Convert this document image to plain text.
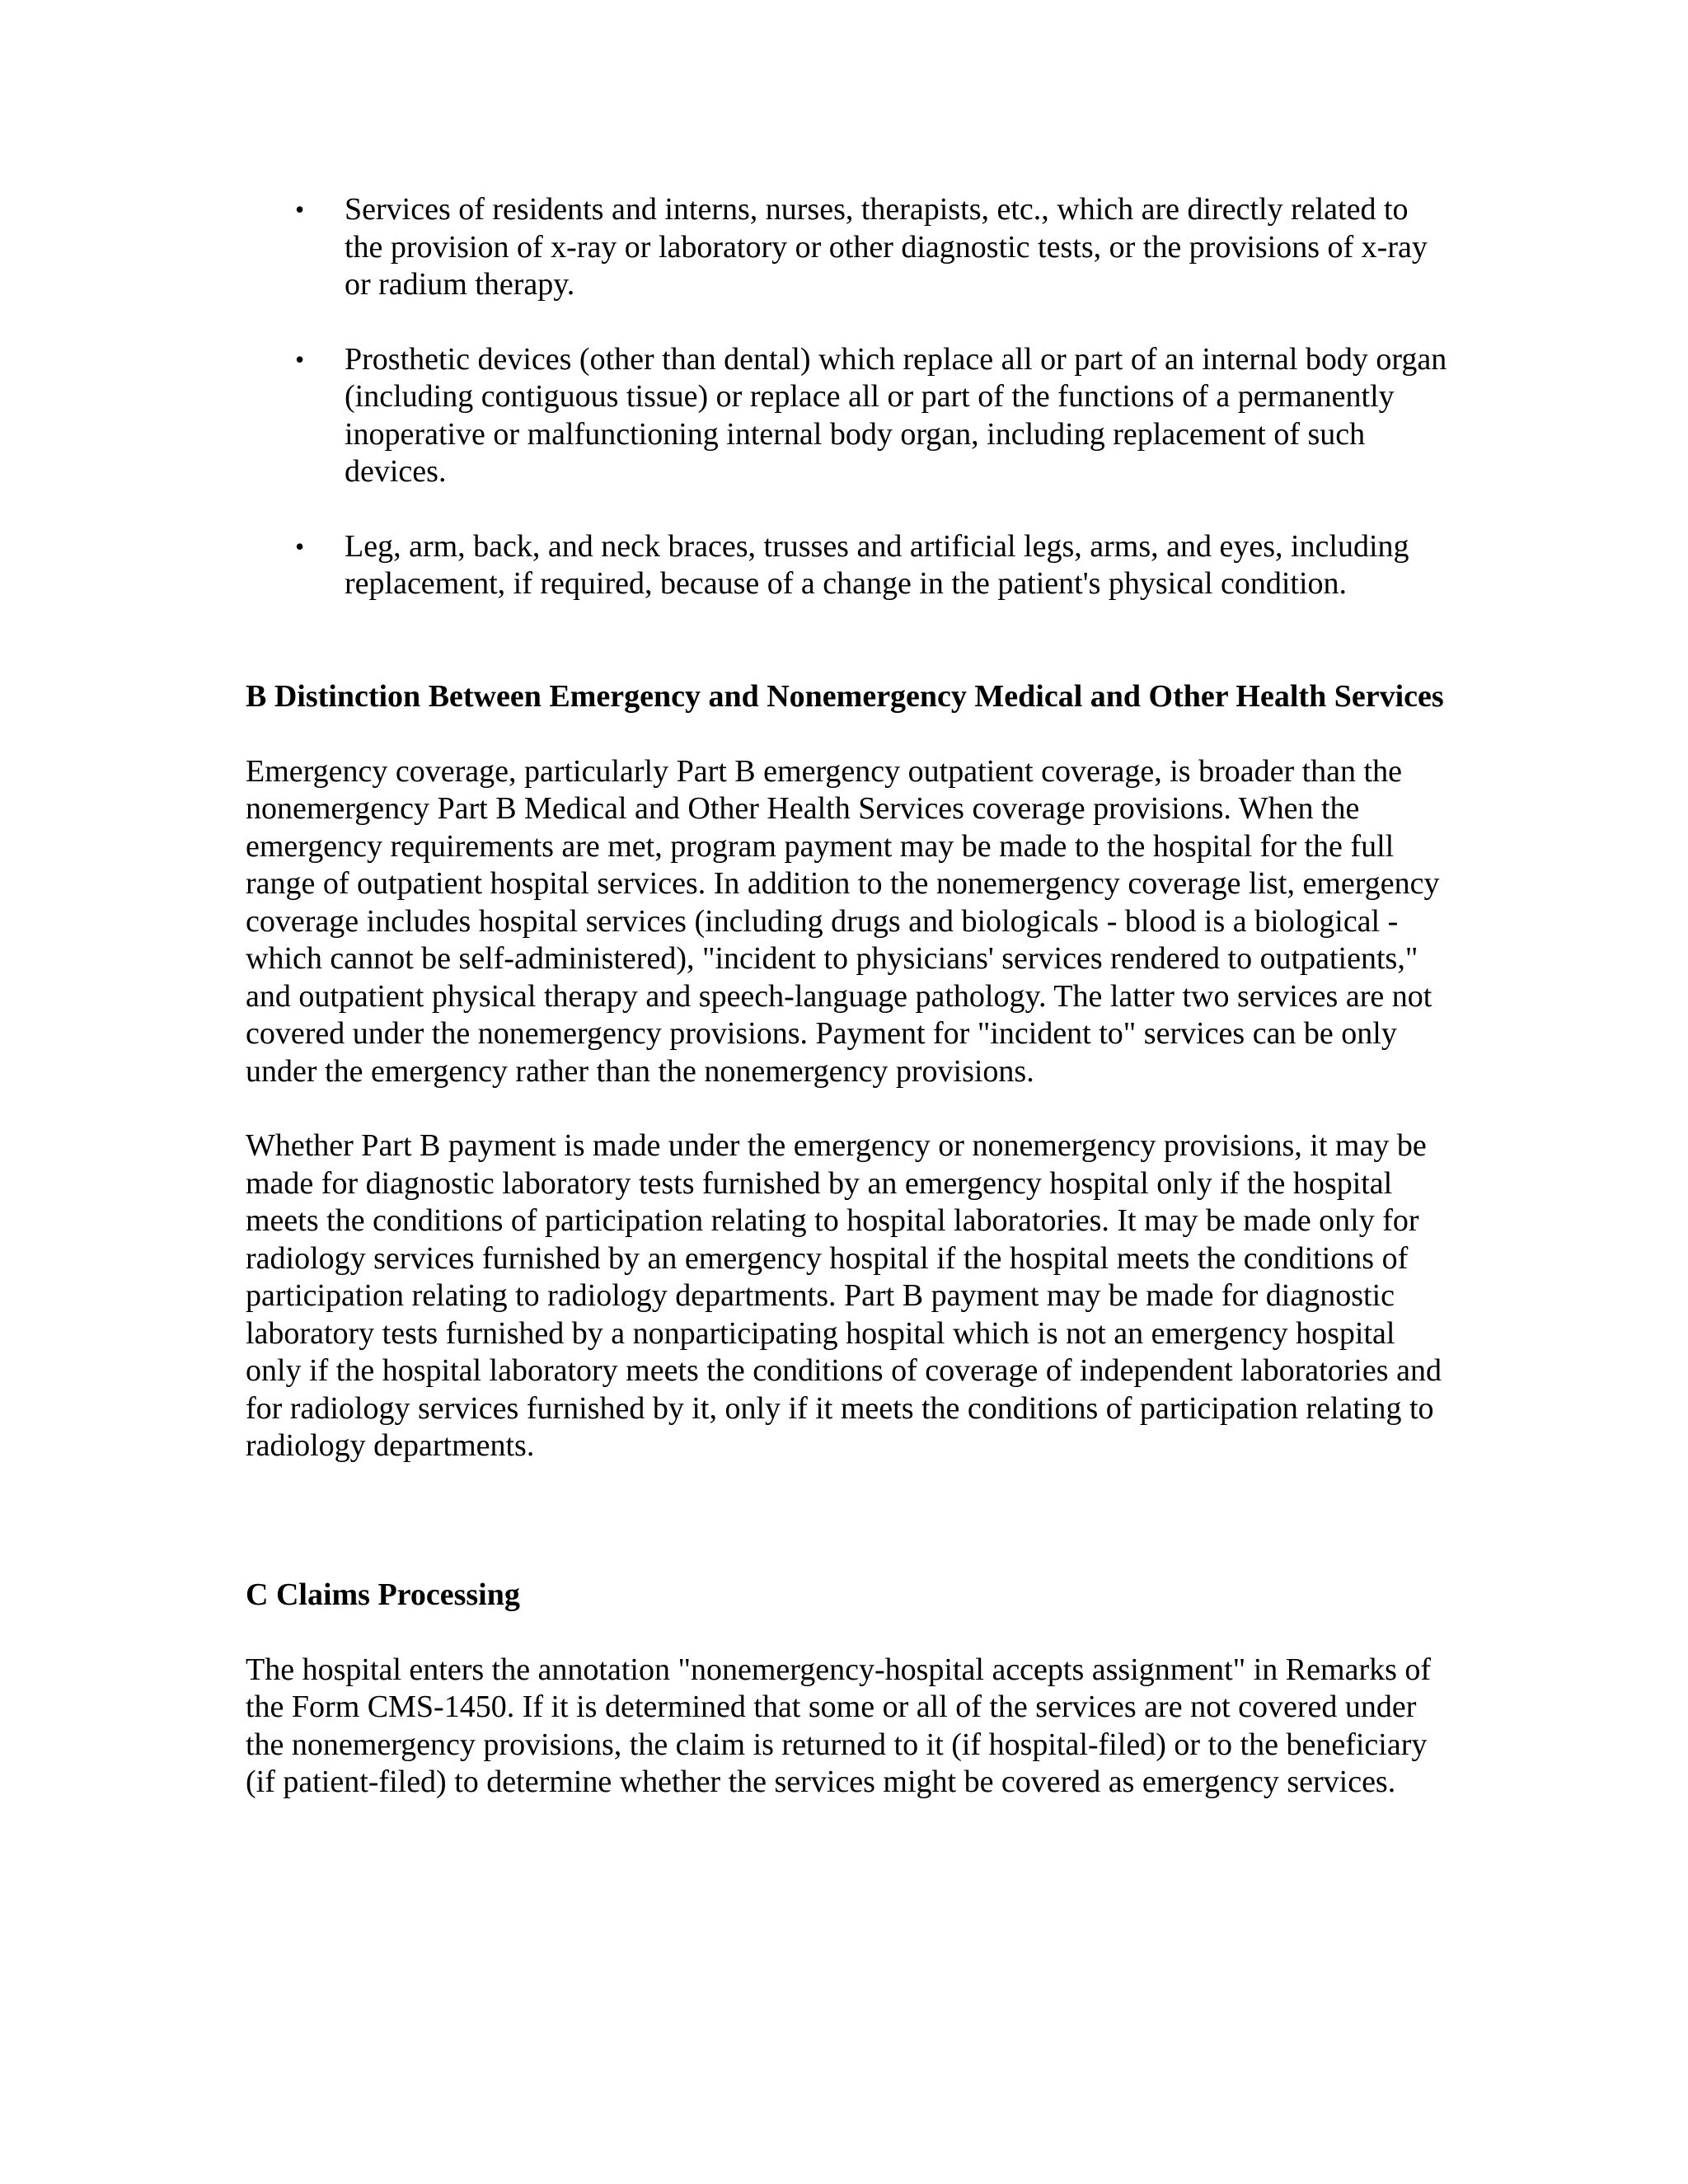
• Services of residents and interns, nurses, therapists, etc., which are directly related to the provision of x-ray or laboratory or other diagnostic tests, or the provisions of x-ray or radium therapy.
• Prosthetic devices (other than dental) which replace all or part of an internal body organ (including contiguous tissue) or replace all or part of the functions of a permanently inoperative or malfunctioning internal body organ, including replacement of such devices.
• Leg, arm, back, and neck braces, trusses and artificial legs, arms, and eyes, including replacement, if required, because of a change in the patient's physical condition.
B Distinction Between Emergency and Nonemergency Medical and Other Health Services

Emergency coverage, particularly Part B emergency outpatient coverage, is broader than the nonemergency Part B Medical and Other Health Services coverage provisions. When the emergency requirements are met, program payment may be made to the hospital for the full range of outpatient hospital services. In addition to the nonemergency coverage list, emergency coverage includes hospital services (including drugs and biologicals - blood is a biological - which cannot be self-administered), "incident to physicians' services rendered to outpatients," and outpatient physical therapy and speech-language pathology. The latter two services are not covered under the nonemergency provisions. Payment for "incident to" services can be only under the emergency rather than the nonemergency provisions.

Whether Part B payment is made under the emergency or nonemergency provisions, it may be made for diagnostic laboratory tests furnished by an emergency hospital only if the hospital meets the conditions of participation relating to hospital laboratories. It may be made only for radiology services furnished by an emergency hospital if the hospital meets the conditions of participation relating to radiology departments. Part B payment may be made for diagnostic laboratory tests furnished by a nonparticipating hospital which is not an emergency hospital only if the hospital laboratory meets the conditions of coverage of independent laboratories and for radiology services furnished by it, only if it meets the conditions of participation relating to radiology departments.

C Claims Processing

The hospital enters the annotation "nonemergency-hospital accepts assignment" in Remarks of the Form CMS-1450. If it is determined that some or all of the services are not covered under the nonemergency provisions, the claim is returned to it (if hospital-filed) or to the beneficiary (if patient-filed) to determine whether the services might be covered as emergency services.
